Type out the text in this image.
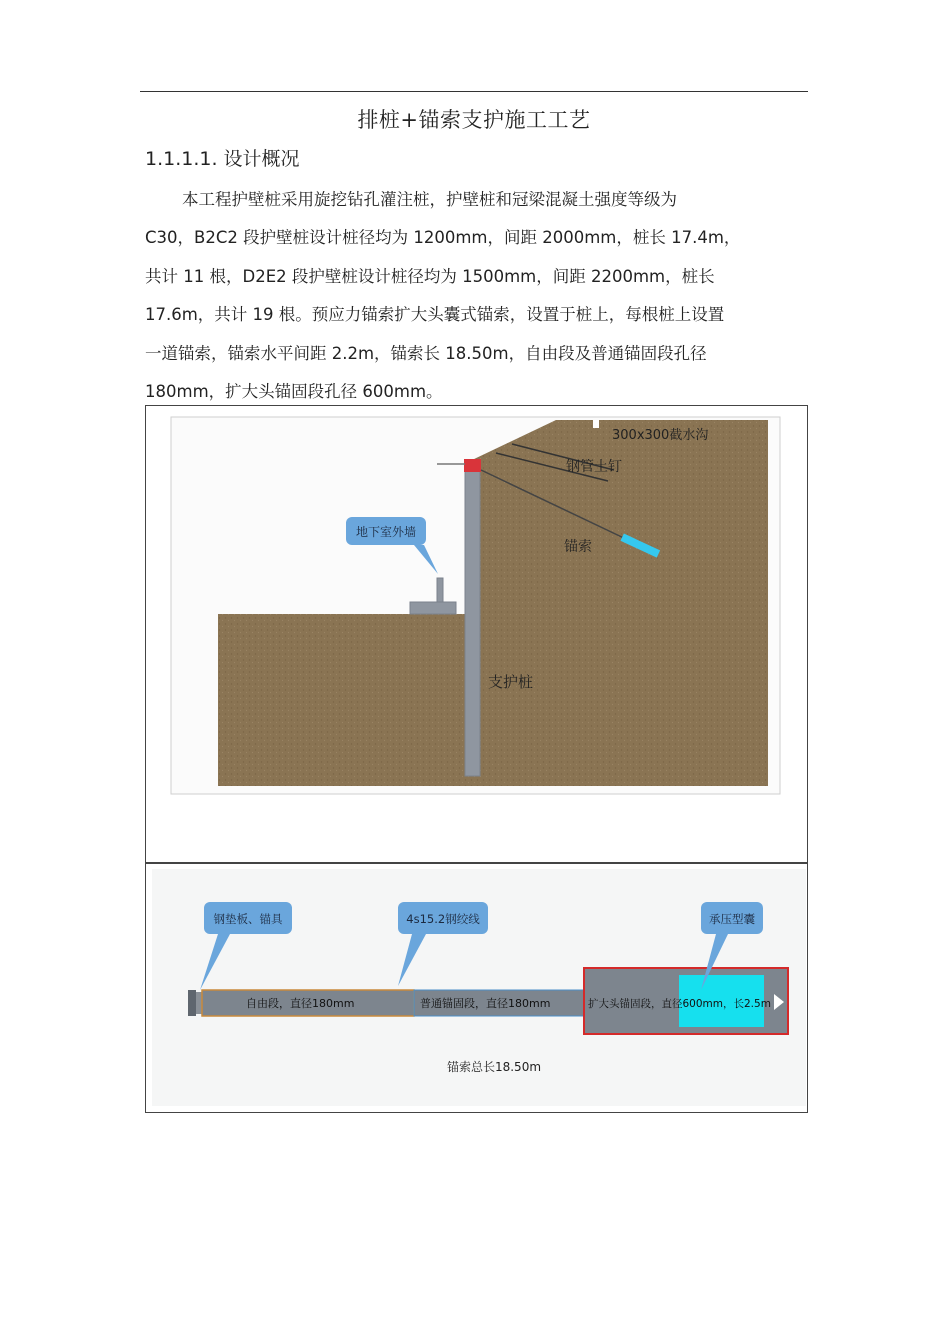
排桩+锚索支护施工工艺
1.1.1.1. 设计概况
本工程护壁桩采用旋挖钻孔灌注桩，护壁桩和冠梁混凝土强度等级为
C30，B2C2 段护壁桩设计桩径均为 1200mm，间距 2000mm，桩长 17.4m，
共计 11 根，D2E2 段护壁桩设计桩径均为 1500mm，间距 2200mm，桩长
17.6m，共计 19 根。预应力锚索扩大头囊式锚索，设置于桩上，每根桩上设置
一道锚索，锚索水平间距 2.2m，锚索长 18.50m，自由段及普通锚固段孔径
180mm，扩大头锚固段孔径 600mm。
地下室外墙
300x300截水沟
钢管土钉
锚索
支护桩
自由段，直径180mm	普通锚固段，直径180mm	扩大头锚固段，直径600mm，长2.5m
钢垫板、锚具	4s15.2钢绞线	承压型囊
锚索总长18.50m
